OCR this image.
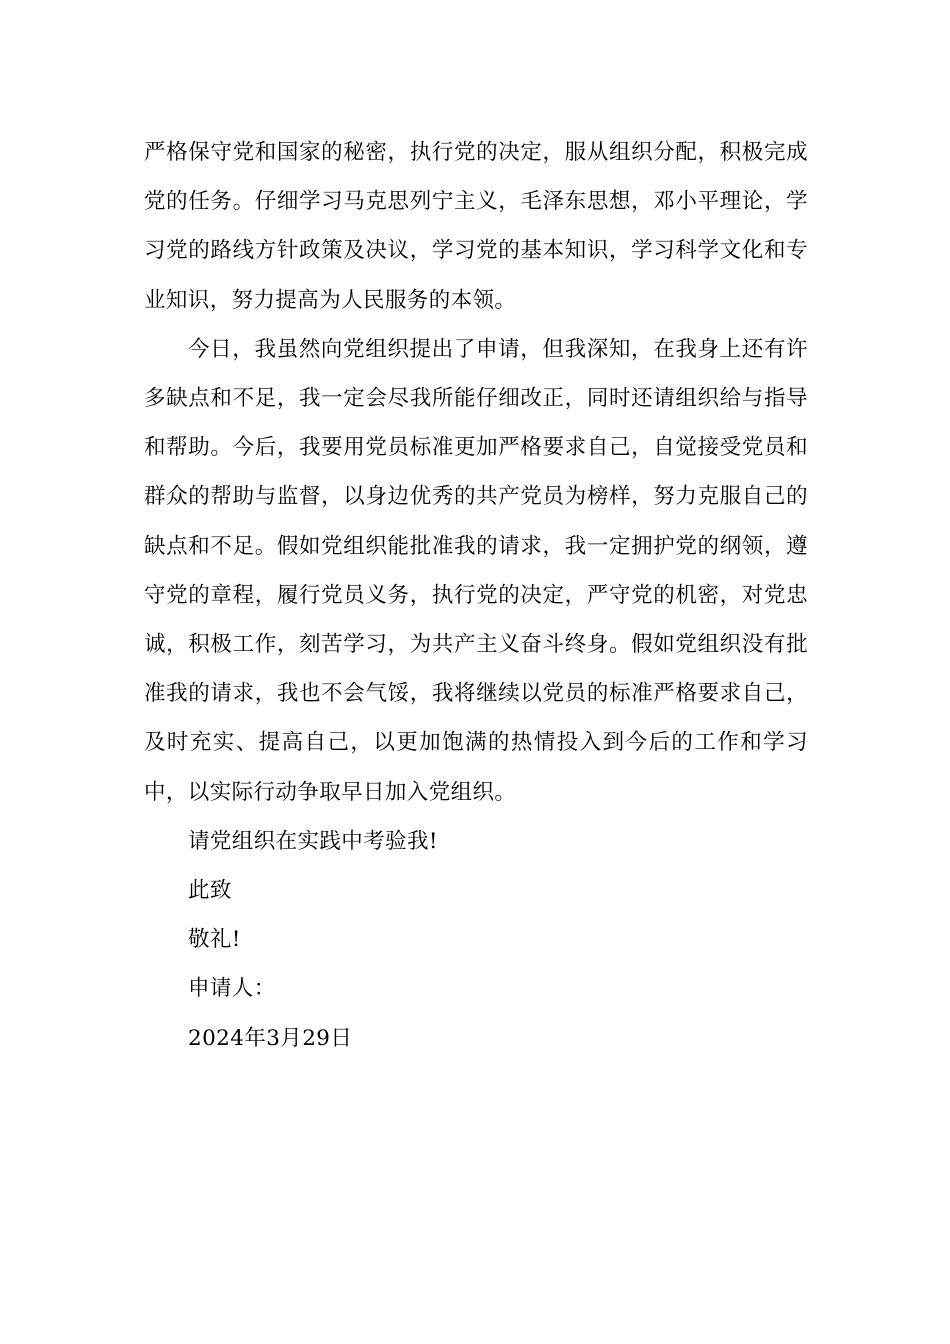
严格保守党和国家的秘密，执行党的决定，服从组织分配，积极完成党的任务。仔细学习马克思列宁主义，毛泽东思想，邓小平理论，学习党的路线方针政策及决议，学习党的基本知识，学习科学文化和专业知识，努力提高为人民服务的本领。

今日，我虽然向党组织提出了申请，但我深知，在我身上还有许多缺点和不足，我一定会尽我所能仔细改正，同时还请组织给与指导和帮助。今后，我要用党员标准更加严格要求自己，自觉接受党员和群众的帮助与监督，以身边优秀的共产党员为榜样，努力克服自己的缺点和不足。假如党组织能批准我的请求，我一定拥护党的纲领，遵守党的章程，履行党员义务，执行党的决定，严守党的机密，对党忠诚，积极工作，刻苦学习，为共产主义奋斗终身。假如党组织没有批准我的请求，我也不会气馁，我将继续以党员的标准严格要求自己，及时充实、提高自己，以更加饱满的热情投入到今后的工作和学习中，以实际行动争取早日加入党组织。

请党组织在实践中考验我!

此致

敬礼!

申请人：

2024年3月29日
